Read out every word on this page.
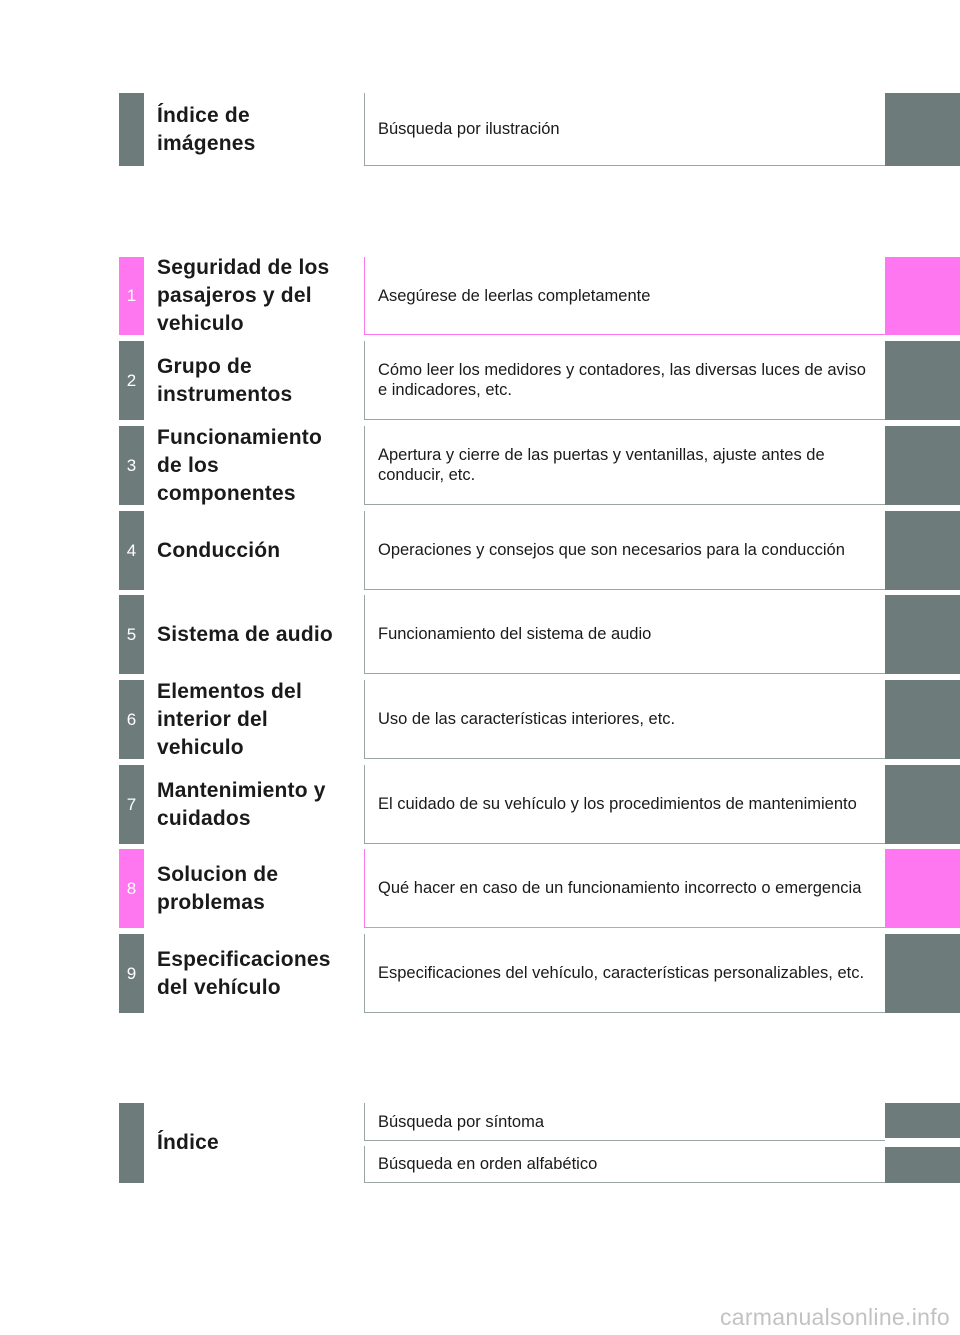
Índice de imágenes
Búsqueda por ilustración
1
Seguridad de los pasajeros y del vehiculo
Asegúrese de leerlas completamente
2
Grupo de instrumentos
Cómo leer los medidores y contadores, las diversas luces de aviso e indicadores, etc.
3
Funcionamiento de los componentes
Apertura y cierre de las puertas y ventanillas, ajuste antes de conducir, etc.
4 Conducción	Operaciones y consejos que son necesarios para la conducción
5 Sistema de audio	Funcionamiento del sistema de audio
6
Elementos del interior del vehiculo
Uso de las características interiores, etc.
7
Mantenimiento y cuidados
El cuidado de su vehículo y los procedimientos de mantenimiento
8
Solucion de problemas
Qué hacer en caso de un funcionamiento incorrecto o emergencia
9
Especificaciones del vehículo
Especificaciones del vehículo, características personalizables, etc.
Índice
Búsqueda por síntoma
Búsqueda en orden alfabético
carmanualsonline.info
